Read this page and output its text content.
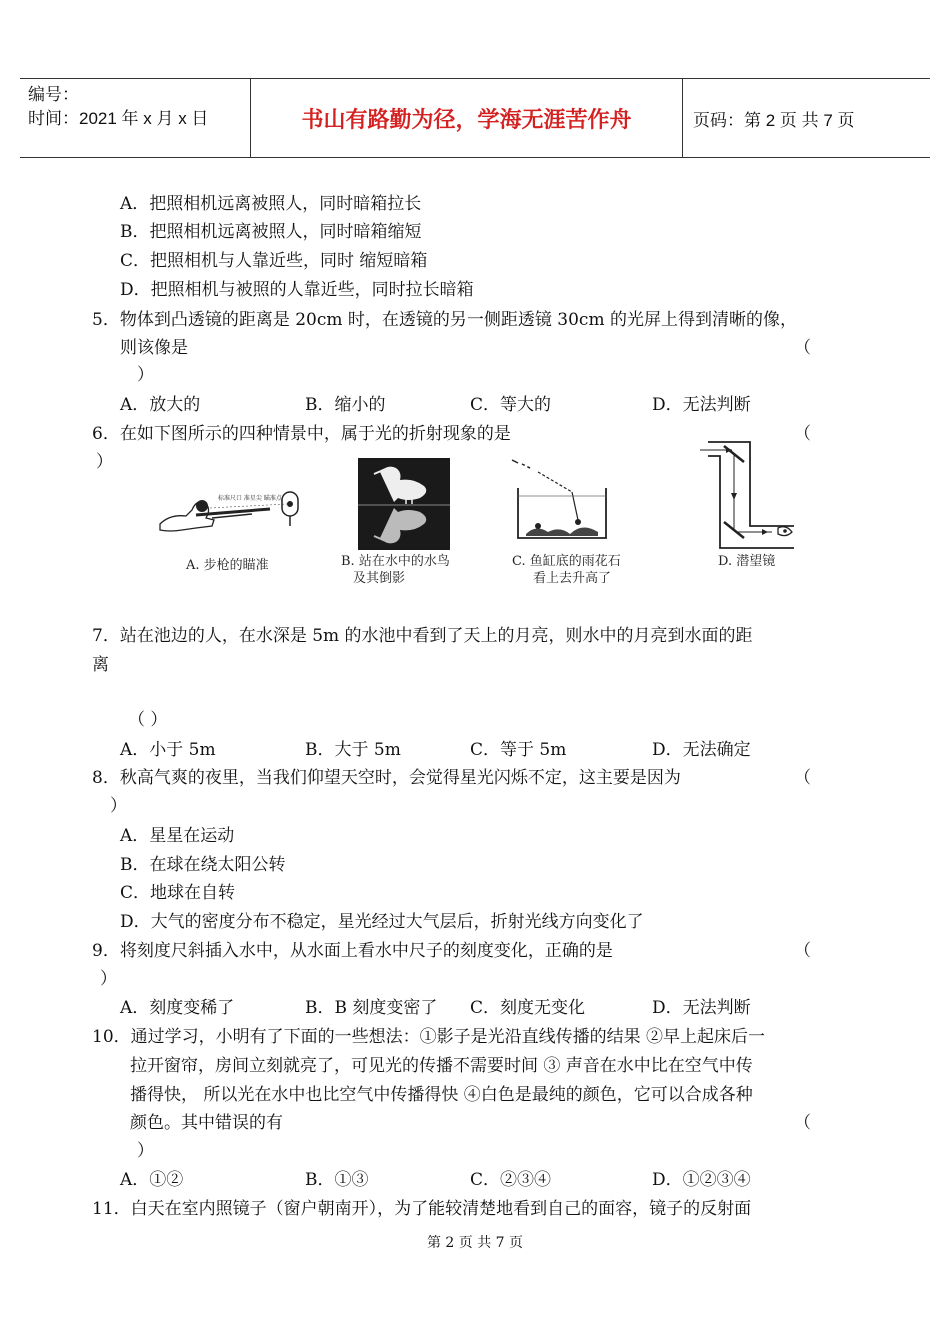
编号：
时间：2021 年 x 月 x 日	书山有路勤为径，学海无涯苦作舟	页码：第 2 页 共 7 页
A．把照相机远离被照人，同时暗箱拉长
B．把照相机远离被照人，同时暗箱缩短
C．把照相机与人靠近些，同时 缩短暗箱
D．把照相机与被照的人靠近些，同时拉长暗箱
5．物体到凸透镜的距离是 20cm 时，在透镜的另一侧距透镜 30cm 的光屏上得到清晰的像，
则该像是	（
）
A．放大的	B．缩小的	C．等大的	D．无法判断
6．在如下图所示的四种情景中，属于光的折射现象的是	（
）
标准尺口 准星尖 瞄准点
A. 步枪的瞄准	B. 站在水中的水鸟
及其倒影
C. 鱼缸底的雨花石
看上去升高了
D. 潜望镜
7．站在池边的人，在水深是 5m 的水池中看到了天上的月亮，则水中的月亮到水面的距
离
（ ）
A．小于 5m	B．大于 5m	C．等于 5m	D．无法确定
8．秋高气爽的夜里，当我们仰望天空时，会觉得星光闪烁不定，这主要是因为	（
）
A．星星在运动
B．在球在绕太阳公转
C．地球在自转
D．大气的密度分布不稳定，星光经过大气层后，折射光线方向变化了
9．将刻度尺斜插入水中，从水面上看水中尺子的刻度变化，正确的是	（
）
A．刻度变稀了	B．B 刻度变密了 C．刻度无变化	D．无法判断
10．通过学习，小明有了下面的一些想法：①影子是光沿直线传播的结果 ②早上起床后一
拉开窗帘，房间立刻就亮了，可见光的传播不需要时间 ③ 声音在水中比在空气中传
播得快， 所以光在水中也比空气中传播得快 ④白色是最纯的颜色，它可以合成各种
颜色。其中错误的有	（
）
A．①②	B．①③	C．②③④	D．①②③④
11．白天在室内照镜子（窗户朝南开），为了能较清楚地看到自己的面容，镜子的反射面
第 2 页 共 7 页
